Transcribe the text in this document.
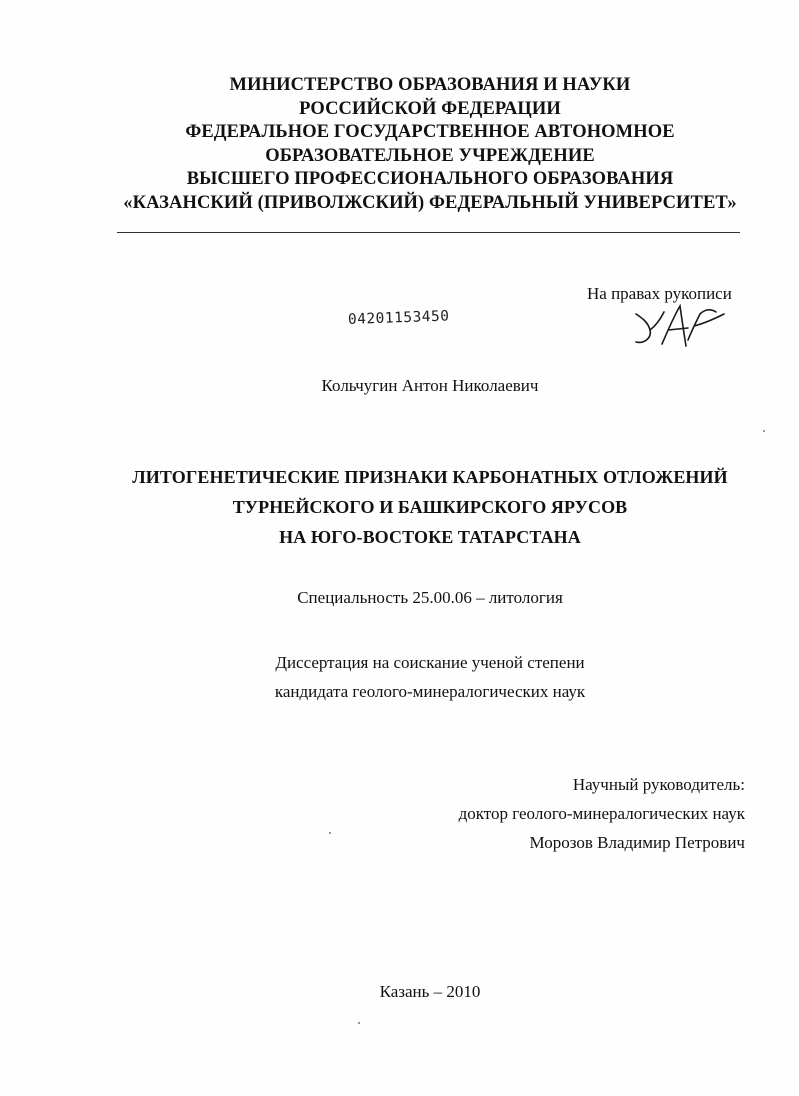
МИНИСТЕРСТВО ОБРАЗОВАНИЯ И НАУКИ
РОССИЙСКОЙ ФЕДЕРАЦИИ
ФЕДЕРАЛЬНОЕ ГОСУДАРСТВЕННОЕ АВТОНОМНОЕ
ОБРАЗОВАТЕЛЬНОЕ УЧРЕЖДЕНИЕ
ВЫСШЕГО ПРОФЕССИОНАЛЬНОГО ОБРАЗОВАНИЯ
«КАЗАНСКИЙ (ПРИВОЛЖСКИЙ) ФЕДЕРАЛЬНЫЙ УНИВЕРСИТЕТ»
На правах рукописи
04201153450
Кольчугин Антон Николаевич
ЛИТОГЕНЕТИЧЕСКИЕ ПРИЗНАКИ КАРБОНАТНЫХ ОТЛОЖЕНИЙ
ТУРНЕЙСКОГО И БАШКИРСКОГО ЯРУСОВ
НА ЮГО-ВОСТОКЕ ТАТАРСТАНА
Специальность 25.00.06 – литология
Диссертация на соискание ученой степени
кандидата геолого-минералогических наук
Научный руководитель:
доктор геолого-минералогических наук
Морозов Владимир Петрович
Казань – 2010
